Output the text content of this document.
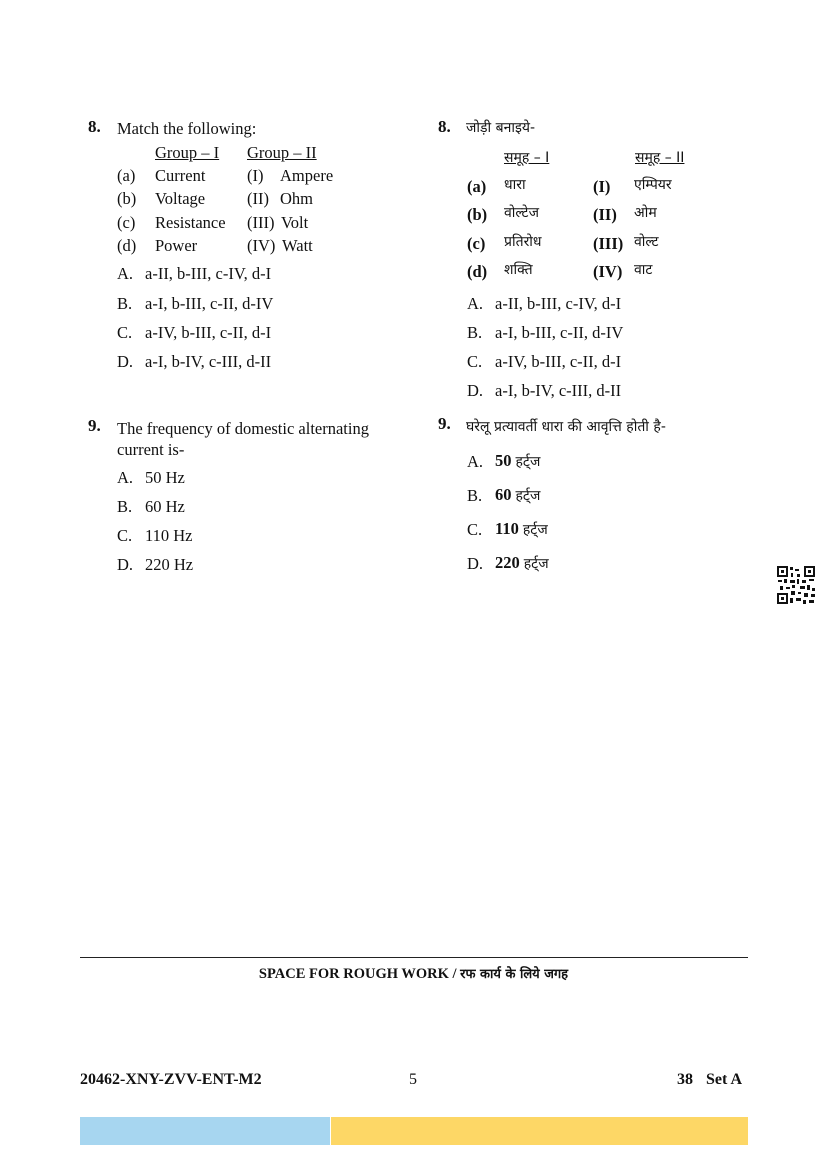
8. Match the following:
Group – I Group – II
(a) Current	(I) Ampere
(b) Voltage	(II) Ohm
(c) Resistance (III) Volt
(d) Power	(IV) Watt
A. a-II, b-III, c-IV, d-I
B. a-I, b-III, c-II, d-IV
C. a-IV, b-III, c-II, d-I
D. a-I, b-IV, c-III, d-II
9. The frequency of domestic alternating
current is-
A. 50 Hz
B. 60 Hz
C. 110 Hz
D. 220 Hz
8. जोड़ी बनाइये-
समूह – I	समूह – II
(a) धारा	(I) एम्पियर
(b) वोल्टेज	(II) ओम
(c) प्रतिरोध	(III) वोल्ट
(d) शक्ति	(IV) वाट
A. a-II, b-III, c-IV, d-I
B. a-I, b-III, c-II, d-IV
C. a-IV, b-III, c-II, d-I
D. a-I, b-IV, c-III, d-II
9. घरेलू प्रत्यावर्ती धारा की आवृत्ति होती है-
A. 50 हर्ट्ज
B. 60 हर्ट्ज
C. 110 हर्ट्ज
D. 220 हर्ट्ज
SPACE FOR ROUGH WORK / रफ कार्य के लिये जगह
20462-XNY-ZVV-ENT-M2	5	38 Set A
